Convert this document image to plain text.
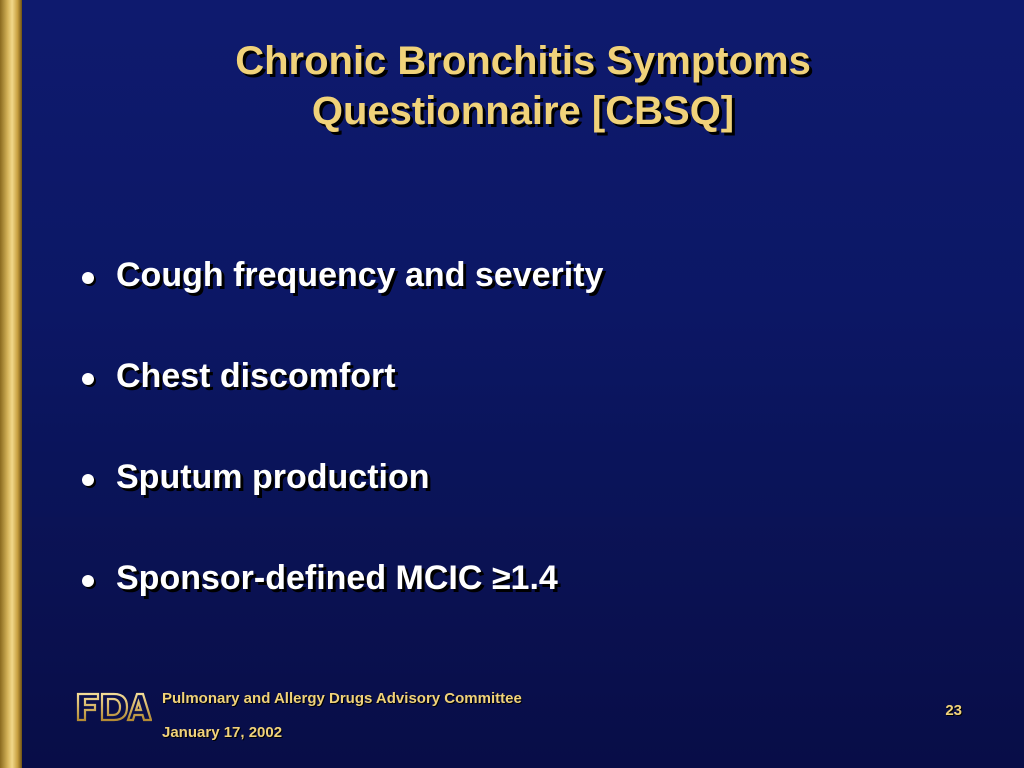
Chronic Bronchitis Symptoms
Questionnaire [CBSQ]
Cough frequency and severity
Chest discomfort
Sputum production
Sponsor-defined MCIC ≥1.4
Pulmonary and Allergy Drugs Advisory Committee
January 17, 2002
23
